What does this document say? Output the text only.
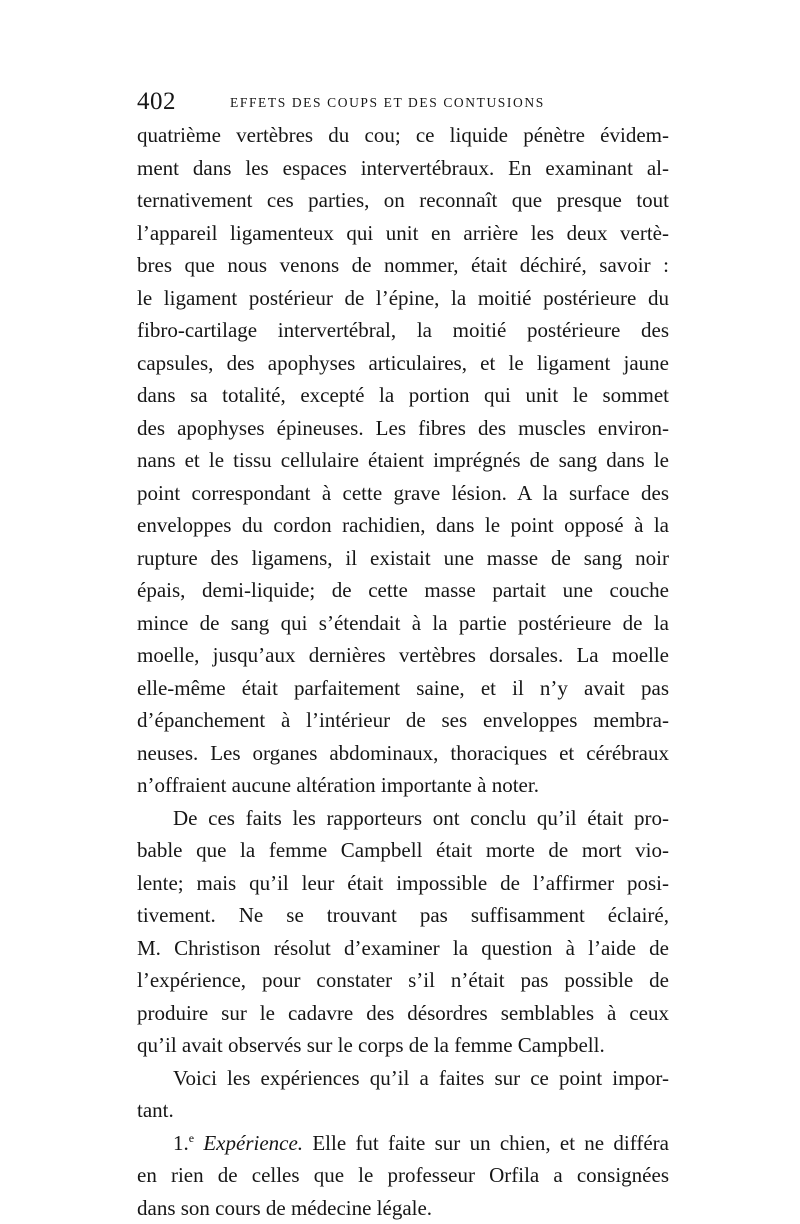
402	EFFETS DES COUPS ET DES CONTUSIONS
quatrième vertèbres du cou; ce liquide pénètre évidem-
ment dans les espaces intervertébraux. En examinant al-
ternativement ces parties, on reconnaît que presque tout
l’appareil ligamenteux qui unit en arrière les deux vertè-
bres que nous venons de nommer, était déchiré, savoir :
le ligament postérieur de l’épine, la moitié postérieure du
fibro-cartilage intervertébral, la moitié postérieure des
capsules, des apophyses articulaires, et le ligament jaune
dans sa totalité, excepté la portion qui unit le sommet
des apophyses épineuses. Les fibres des muscles environ-
nans et le tissu cellulaire étaient imprégnés de sang dans le
point correspondant à cette grave lésion. A la surface des
enveloppes du cordon rachidien, dans le point opposé à la
rupture des ligamens, il existait une masse de sang noir
épais, demi-liquide; de cette masse partait une couche
mince de sang qui s’étendait à la partie postérieure de la
moelle, jusqu’aux dernières vertèbres dorsales. La moelle
elle-même était parfaitement saine, et il n’y avait pas
d’épanchement à l’intérieur de ses enveloppes membra-
neuses. Les organes abdominaux, thoraciques et cérébraux
n’offraient aucune altération importante à noter.
De ces faits les rapporteurs ont conclu qu’il était pro-
bable que la femme Campbell était morte de mort vio-
lente; mais qu’il leur était impossible de l’affirmer posi-
tivement. Ne se trouvant pas suffisamment éclairé,
M. Christison résolut d’examiner la question à l’aide de
l’expérience, pour constater s’il n’était pas possible de
produire sur le cadavre des désordres semblables à ceux
qu’il avait observés sur le corps de la femme Campbell.
Voici les expériences qu’il a faites sur ce point impor-
tant.
1.$^e$ Expérience. Elle fut faite sur un chien, et ne différa
en rien de celles que le professeur Orfila a consignées
dans son cours de médecine légale.
